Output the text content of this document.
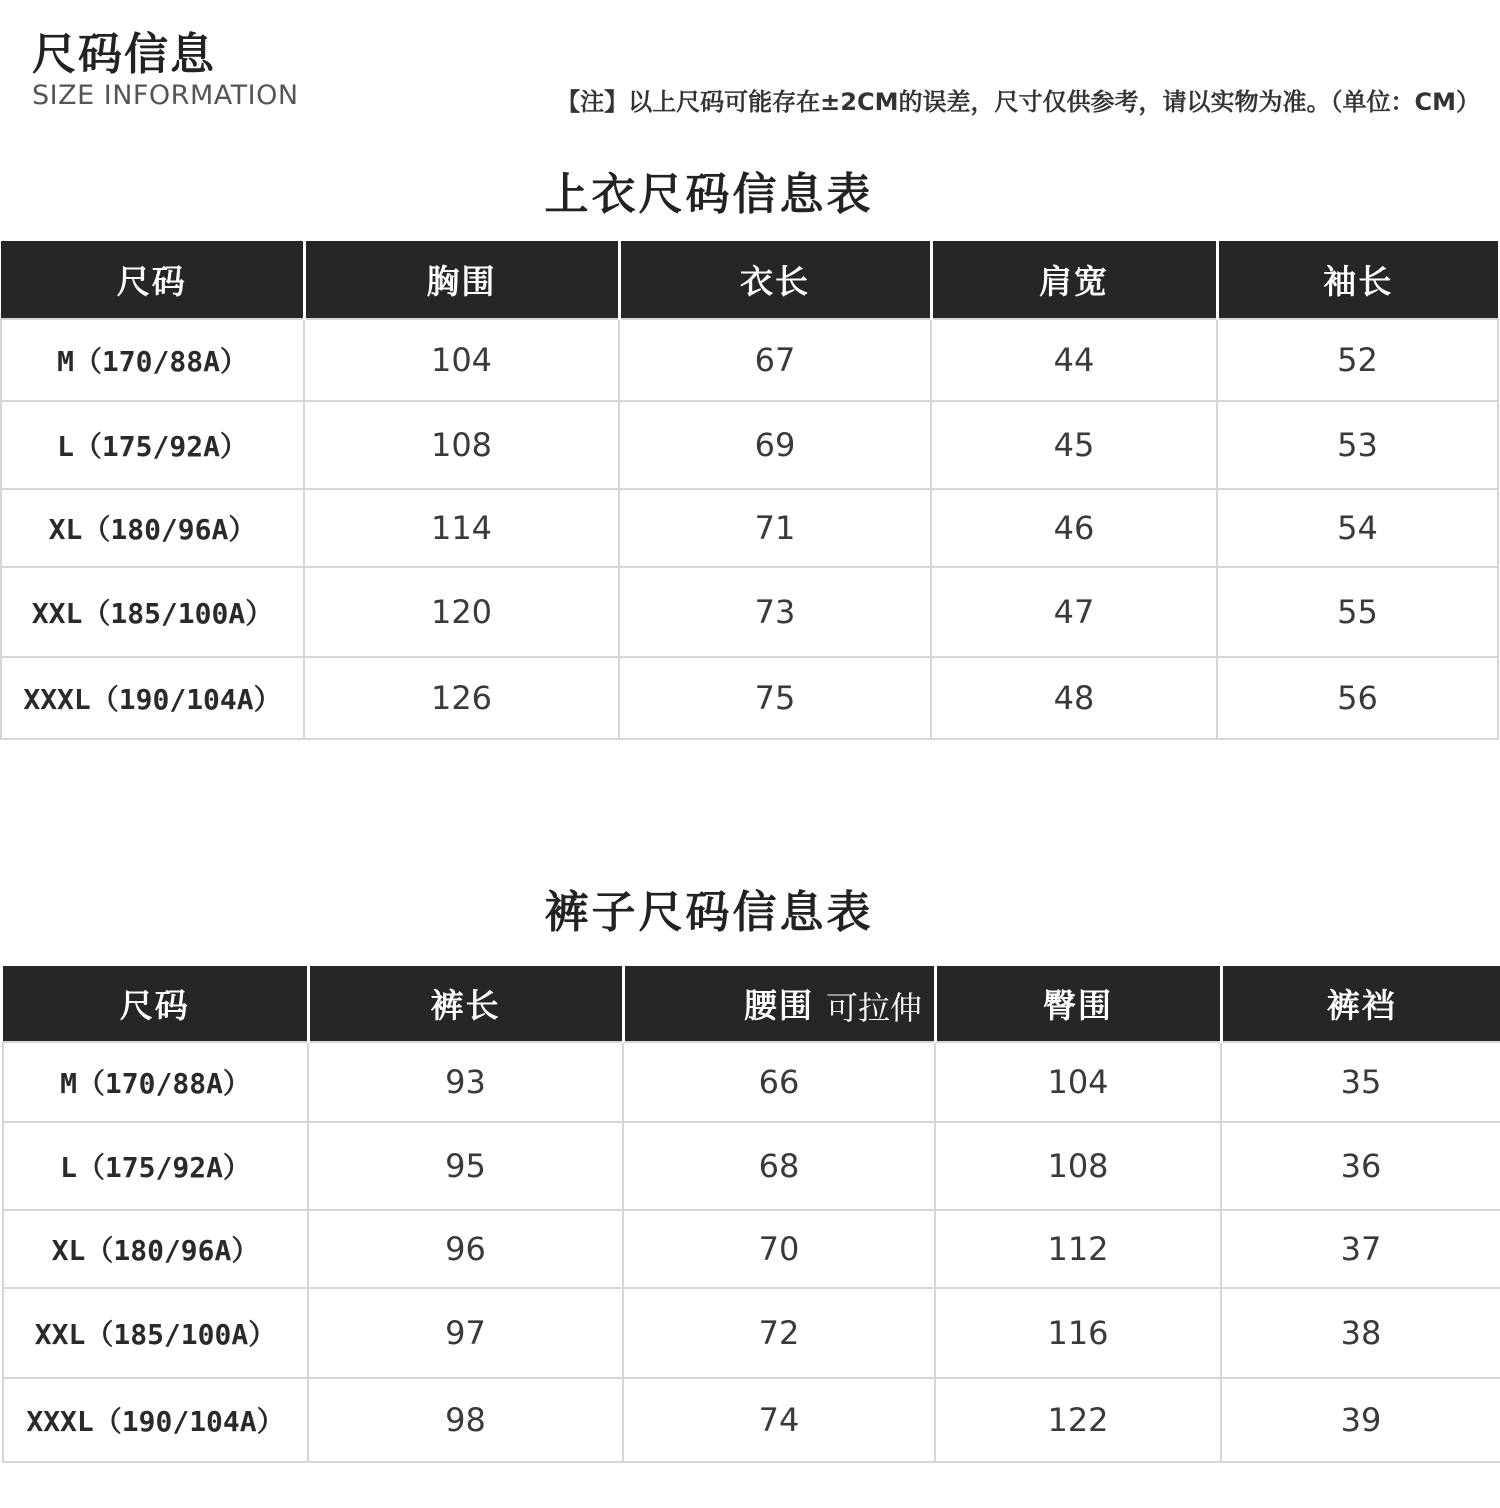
尺码信息
SIZE INFORMATION	【注】以上尺码可能存在±2CM的误差，尺寸仅供参考，请以实物为准。（单位：CM）
上衣尺码信息表
尺码	胸围	衣长	肩宽	袖长
M（170/88A）	104	67	44	52
L（175/92A）	108	69	45	53
XL（180/96A）	114	71	46	54
XXL（185/100A）	120	73	47	55
XXXL（190/104A）	126	75	48	56
裤子尺码信息表
尺码	裤长	腰围 可拉伸	臀围	裤裆
M（170/88A）	93	66	104	35
L（175/92A）	95	68	108	36
XL（180/96A）	96	70	112	37
XXL（185/100A）	97	72	116	38
XXXL（190/104A）	98	74	122	39
